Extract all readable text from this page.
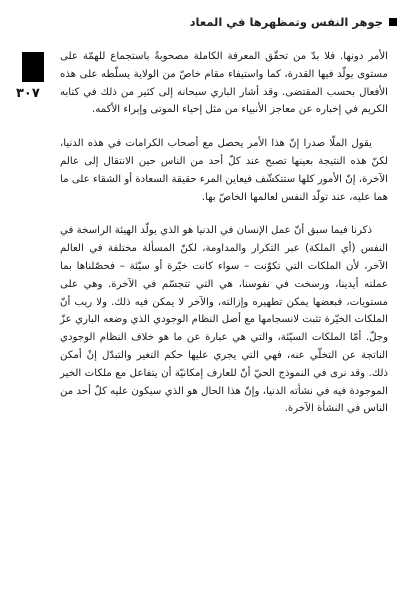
جوهر النفس وتمظهرها في المعاد
٣٠٧

الأمر دونها. فلا بدّ من تحقّق المعرفة الكاملة مصحوبةً باستجماع للهمّة على مستوى يولّد فيها القدرة، كما واستيفاء مقام خاصّ من الولاية يسلّطه على هذه الأفعال بحسب المقتضى. وقد أشار الباري سبحانه إلى كثير من ذلك في كتابه الكريم في إخباره عن معاجز الأنبياء من مثل إحياء الموتى وإبراء الأكمه.

يقول الملّا صدرا إنّ هذا الأمر يحصل مع أصحاب الكرامات في هذه الدنيا، لكنّ هذه النتيجة بعينها تصبح عند كلّ أحد من الناس حين الانتقال إلى عالم الآخرة، إنّ الأمور كلها ستتكشّف فيعاين المرء حقيقة السعادة أو الشقاء على ما هما عليه، عند تولّد النفس لعالمها الخاصّ بها.

ذكرنا فيما سبق أنّ عمل الإنسان في الدنيا هو الذي يولّد الهيئة الراسخة في النفس (أي الملكة) عبر التكرار والمداومة، لكنّ المسألة مختلفة في العالم الآخر، لأن الملكات التي تكوّنت – سواء كانت خيّرة أو سيّئة – فحصّلناها بما عملته أيدينا، ورسخت في نفوسنا، هي التي تتجسّم في الآخرة. وهي على مستويات، فبعضها يمكن تطهيره وإزالته، والآخر لا يمكن فيه ذلك. ولا ريب أنّ الملكات الخيّرة تثبت لانسجامها مع أصل النظام الوجودي الذي وضعه الباري عزّ وجلّ. أمّا الملكات السيّئة، والتي هي عبارة عن ما هو خلاف النظام الوجودي الناتجة عن التخلّي عنه، فهي التي يجري عليها حكم التغير والتبدّل إنْ أمكن ذلك. وقد نرى في النموذج الحيّ أنّ للعارف إمكانيّة أن يتفاعل مع ملكات الخير الموجودة فيه في نشأته الدنيا، وإنّ هذا الحال هو الذي سيكون عليه كلّ أحد من الناس في النشأة الآخرة.
